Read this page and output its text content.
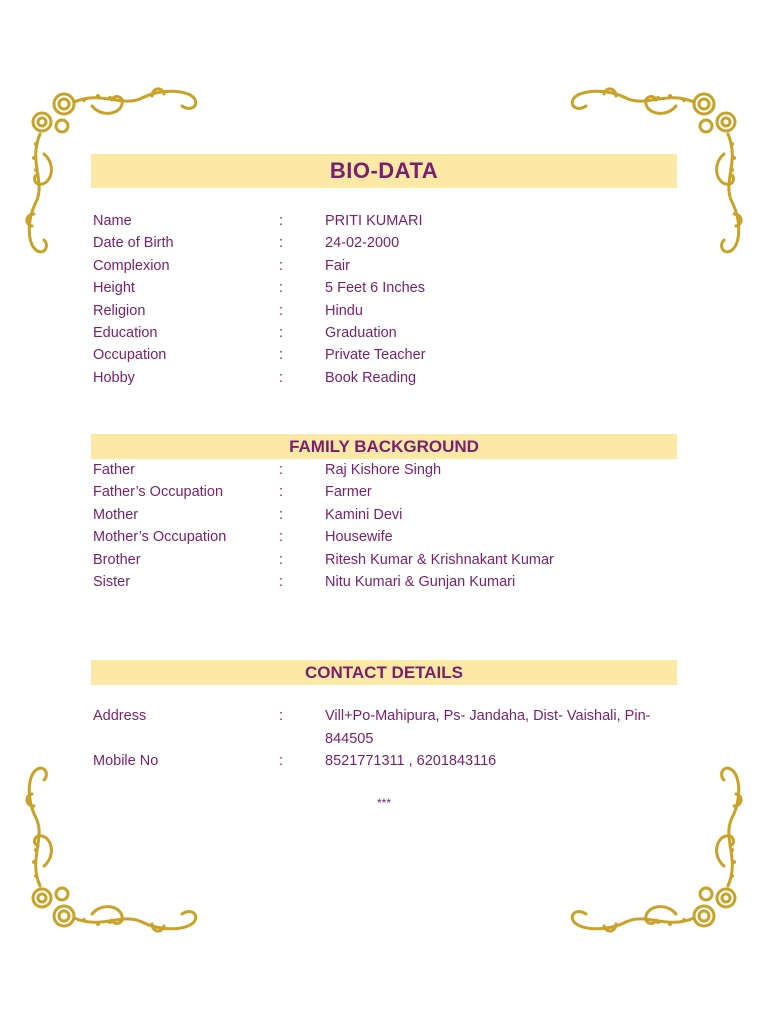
BIO-DATA
Name	:	PRITI KUMARI
Date of Birth	:	24-02-2000
Complexion	:	Fair
Height	:	5 Feet 6 Inches
Religion	:	Hindu
Education	:	Graduation
Occupation	:	Private Teacher
Hobby	:	Book Reading
FAMILY BACKGROUND
Father	:	Raj Kishore Singh
Father’s Occupation	:	Farmer
Mother	:	Kamini Devi
Mother’s Occupation	:	Housewife
Brother	:	Ritesh Kumar & Krishnakant Kumar
Sister	:	Nitu Kumari & Gunjan Kumari
CONTACT DETAILS
Address	:	Vill+Po-Mahipura, Ps- Jandaha, Dist- Vaishali, Pin-844505
Mobile No	:	8521771311 , 6201843116
***
